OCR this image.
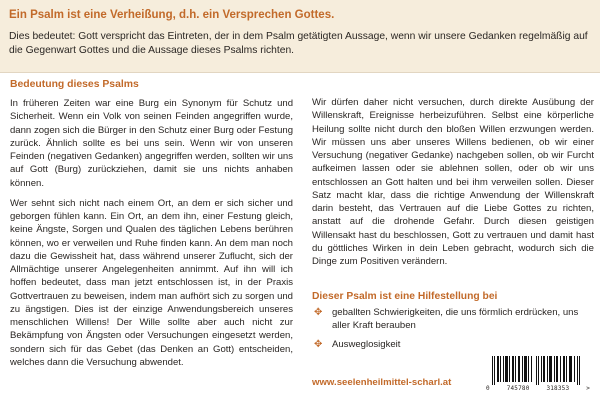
Ein Psalm ist eine Verheißung, d.h. ein Versprechen Gottes.
Dies bedeutet: Gott verspricht das Eintreten, der in dem Psalm getätigten Aussage, wenn wir unsere Gedanken regelmäßig auf die Gegenwart Gottes und die Aussage dieses Psalms richten.
Bedeutung dieses Psalms

In früheren Zeiten war eine Burg ein Synonym für Schutz und Sicherheit. Wenn ein Volk von seinen Feinden angegriffen wurde, dann zogen sich die Bürger in den Schutz einer Burg oder Festung zurück. Ähnlich sollte es bei uns sein. Wenn wir von unseren Feinden (negativen Gedanken) angegriffen werden, sollten wir uns auf Gott (Burg) zurückziehen, damit sie uns nichts anhaben können.

Wer sehnt sich nicht nach einem Ort, an dem er sich sicher und geborgen fühlen kann. Ein Ort, an dem ihn, einer Festung gleich, keine Ängste, Sorgen und Qualen des täglichen Lebens berühren können, wo er verweilen und Ruhe finden kann. An dem man noch dazu die Gewissheit hat, dass während unserer Zuflucht, sich der Allmächtige unserer Angelegenheiten annimmt. Auf ihn will ich hoffen bedeutet, dass man jetzt entschlossen ist, in der Praxis Gottvertrauen zu beweisen, indem man aufhört sich zu sorgen und zu ängstigen. Dies ist der einzige Anwendungsbereich unseres menschlichen Willens! Der Wille sollte aber auch nicht zur Bekämpfung von Ängsten oder Versuchungen eingesetzt werden, sondern sich für das Gebet (das Denken an Gott) entscheiden, welches dann die Versuchung abwendet.

Wir dürfen daher nicht versuchen, durch direkte Ausübung der Willenskraft, Ereignisse herbeizuführen. Selbst eine körperliche Heilung sollte nicht durch den bloßen Willen erzwungen werden. Wir müssen uns aber unseres Willens bedienen, ob wir einer Versuchung (negativer Gedanke) nachgeben sollen, ob wir Furcht aufkeimen lassen oder sie ablehnen sollen, oder ob wir uns entschlossen an Gott halten und bei ihm verweilen sollen. Dieser Satz macht klar, dass die richtige Anwendung der Willenskraft darin besteht, das Vertrauen auf die Liebe Gottes zu richten, anstatt auf die drohende Gefahr. Durch diesen geistigen Willensakt hast du beschlossen, Gott zu vertrauen und damit hast du göttliches Wirken in dein Leben gebracht, wodurch sich die Dinge zum Positiven verändern.

Dieser Psalm ist eine Hilfestellung bei
✥ geballten Schwierigkeiten, die uns förmlich erdrücken, uns aller Kraft berauben
✥ Ausweglosigkeit
www.seelenheilmittel-scharl.at
0	745780	318353	>
